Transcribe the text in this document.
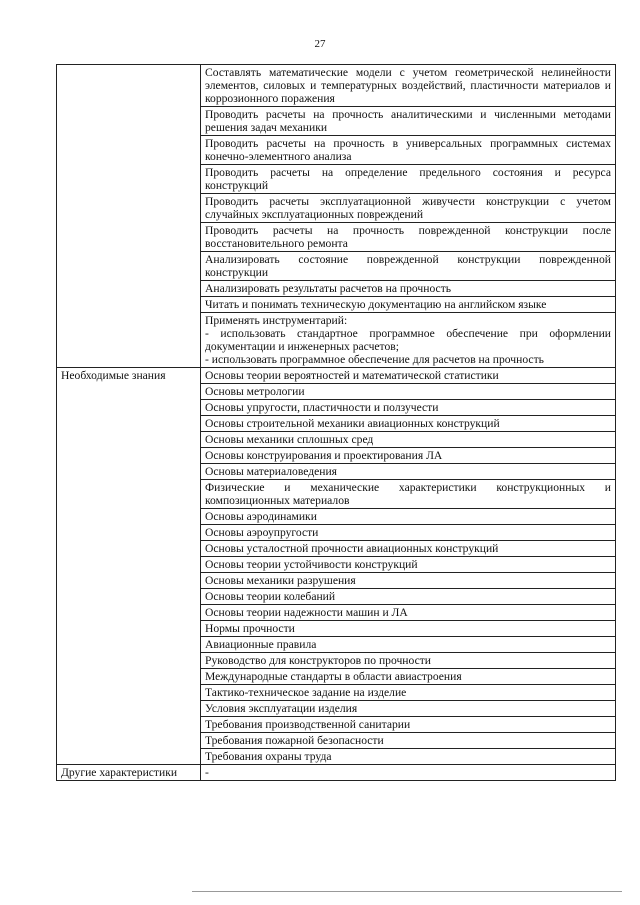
27

	Составлять математические модели с учетом геометрической нелинейности элементов, силовых и температурных воздействий, пластичности материалов и коррозионного поражения

	Проводить расчеты на прочность аналитическими и численными методами решения задач механики

	Проводить расчеты на прочность в универсальных программных системах конечно-элементного анализа

	Проводить расчеты на определение предельного состояния и ресурса конструкций

	Проводить расчеты эксплуатационной живучести конструкции с учетом случайных эксплуатационных повреждений

	Проводить расчеты на прочность поврежденной конструкции после восстановительного ремонта

	Анализировать состояние поврежденной конструкции поврежденной конструкции

	Анализировать результаты расчетов на прочность

	Читать и понимать техническую документацию на английском языке

	Применять инструментарий:
- использовать стандартное программное обеспечение при оформлении документации и инженерных расчетов;
- использовать программное обеспечение для расчетов на прочность

Необходимые знания	Основы теории вероятностей и математической статистики
	Основы метрологии
	Основы упругости, пластичности и ползучести
	Основы строительной механики авиационных конструкций
	Основы механики сплошных сред
	Основы конструирования и проектирования ЛА
	Основы материаловедения
	Физические и механические характеристики конструкционных и композиционных материалов
	Основы аэродинамики
	Основы аэроупругости
	Основы усталостной прочности авиационных конструкций
	Основы теории устойчивости конструкций
	Основы механики разрушения
	Основы теории колебаний
	Основы теории надежности машин и ЛА
	Нормы прочности
	Авиационные правила
	Руководство для конструкторов по прочности
	Международные стандарты в области авиастроения
	Тактико-техническое задание на изделие
	Условия эксплуатации изделия
	Требования производственной санитарии
	Требования пожарной безопасности
	Требования охраны труда
Другие характеристики	-
